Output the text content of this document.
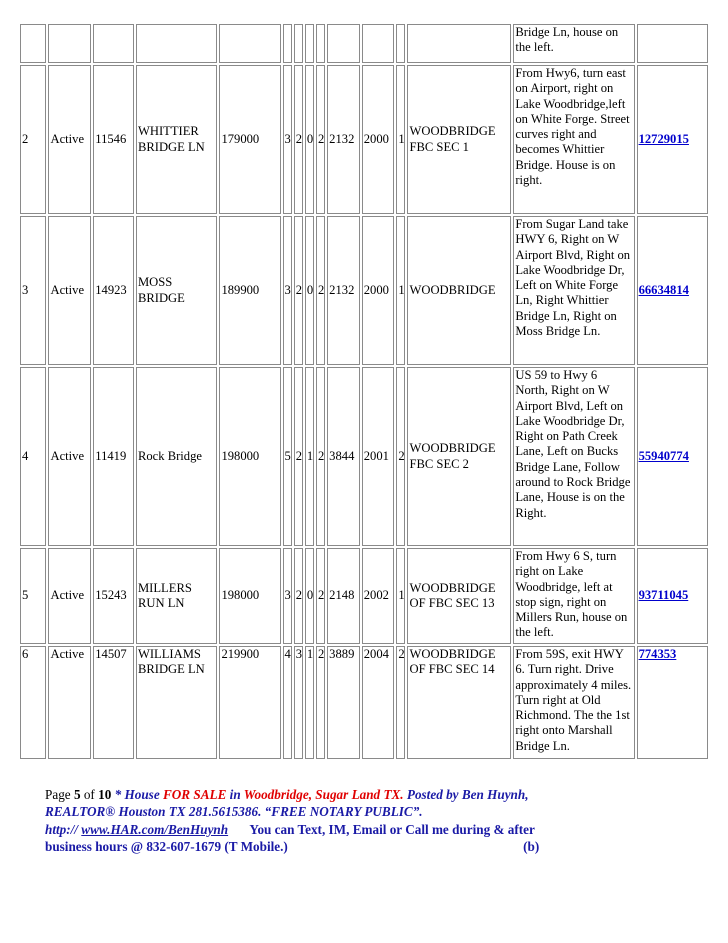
													Bridge Ln, house on the left.	
2	Active	11546	WHITTIER BRIDGE LN	179000	3	2	0	2	2132	2000	1	WOODBRIDGE FBC SEC 1	From Hwy6, turn east on Airport, right on Lake Woodbridge,left on White Forge. Street curves right and becomes Whittier Bridge. House is on right.	12729015
3	Active	14923	MOSS BRIDGE	189900	3	2	0	2	2132	2000	1	WOODBRIDGE	From Sugar Land take HWY 6, Right on W Airport Blvd, Right on Lake Woodbridge Dr, Left on White Forge Ln, Right Whittier Bridge Ln, Right on Moss Bridge Ln.	66634814
4	Active	11419	Rock Bridge	198000	5	2	1	2	3844	2001	2	WOODBRIDGE FBC SEC 2	US 59 to Hwy 6 North, Right on W Airport Blvd, Left on Lake Woodbridge Dr, Right on Path Creek Lane, Left on Bucks Bridge Lane, Follow around to Rock Bridge Lane, House is on the Right.	55940774
5	Active	15243	MILLERS RUN LN	198000	3	2	0	2	2148	2002	1	WOODBRIDGE OF FBC SEC 13	From Hwy 6 S, turn right on Lake Woodbridge, left at stop sign, right on Millers Run, house on the left.	93711045
6	Active	14507	WILLIAMS BRIDGE LN	219900	4	3	1	2	3889	2004	2	WOODBRIDGE OF FBC SEC 14	From 59S, exit HWY 6. Turn right. Drive approximately 4 miles. Turn right at Old Richmond. The the 1st right onto Marshall Bridge Ln.	774353
Page 5 of 10 * House FOR SALE in Woodbridge, Sugar Land TX. Posted by Ben Huynh,
REALTOR® Houston TX 281.5615386. “FREE NOTARY PUBLIC”.
http:// www.HAR.com/BenHuynh You can Text, IM, Email or Call me during & after
business hours @ 832-607-1679 (T Mobile.)	(b)
